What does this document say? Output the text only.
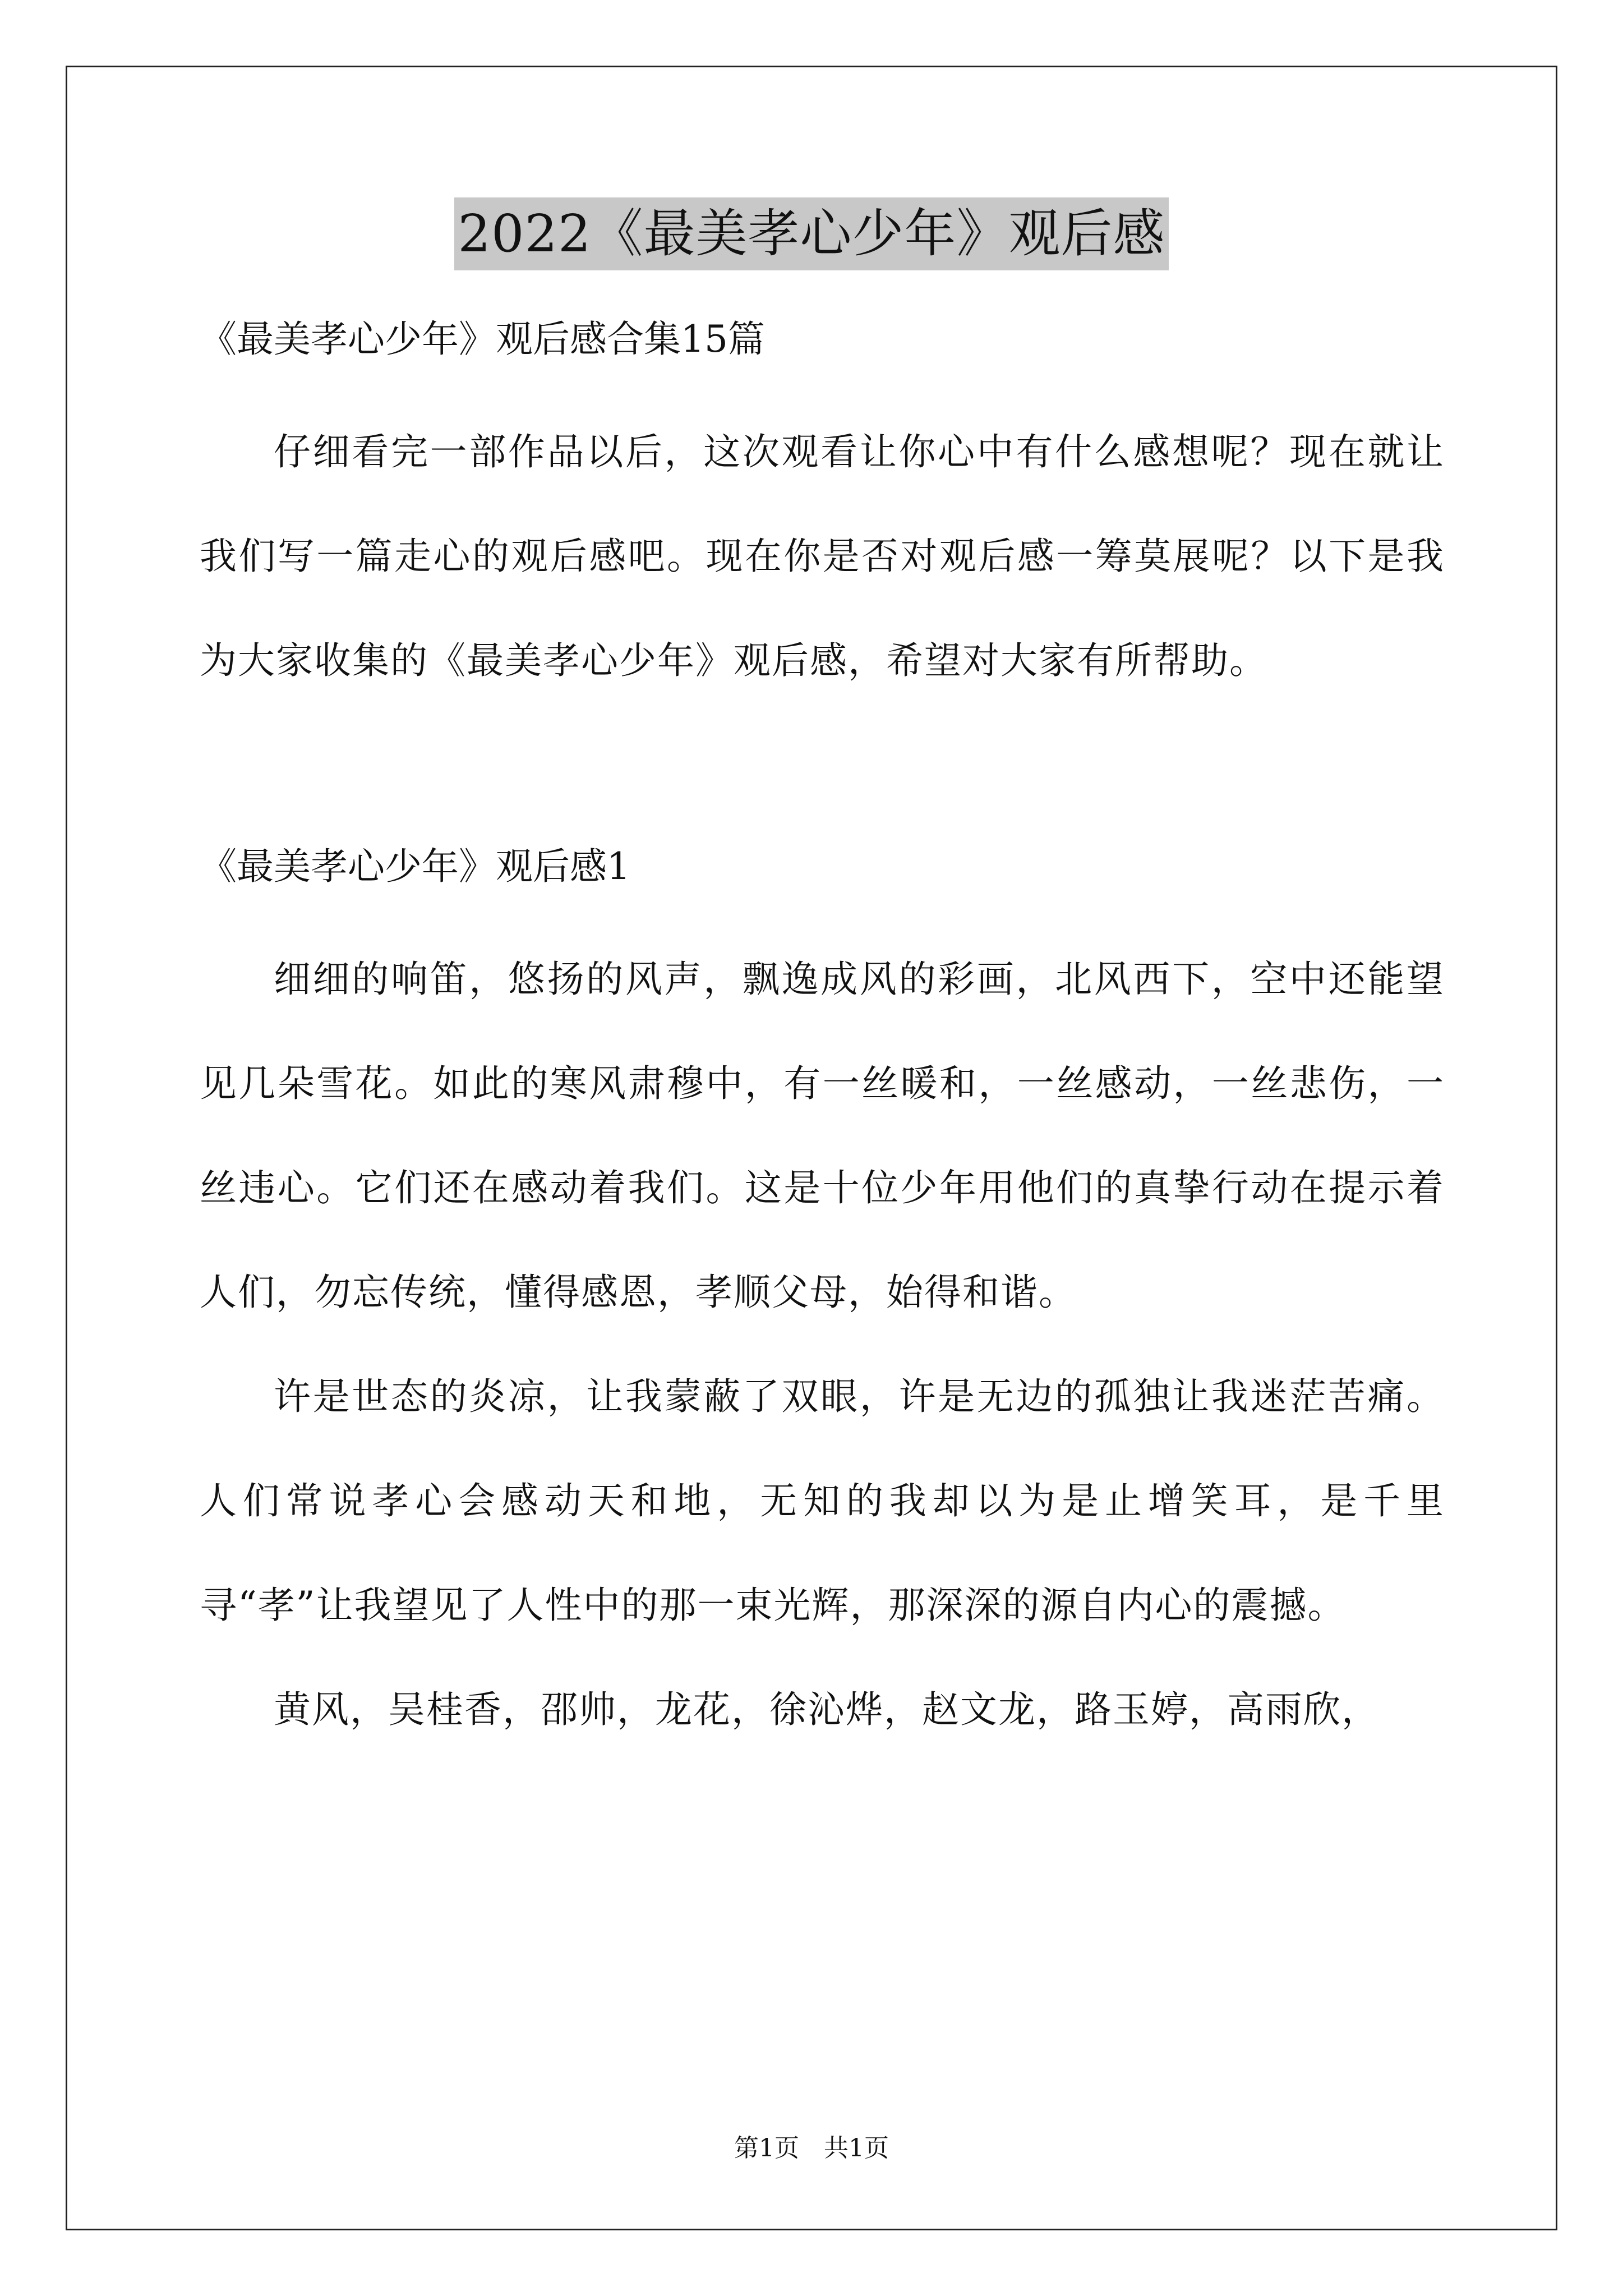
2022《最美孝心少年》观后感

《最美孝心少年》观后感合集15篇

仔细看完一部作品以后，这次观看让你心中有什么感想呢？现在就让我们写一篇走心的观后感吧。现在你是否对观后感一筹莫展呢？以下是我为大家收集的《最美孝心少年》观后感，希望对大家有所帮助。

《最美孝心少年》观后感1

细细的响笛，悠扬的风声，飘逸成风的彩画，北风西下，空中还能望见几朵雪花。如此的寒风肃穆中，有一丝暖和，一丝感动，一丝悲伤，一丝违心。它们还在感动着我们。这是十位少年用他们的真挚行动在提示着人们，勿忘传统，懂得感恩，孝顺父母，始得和谐。

许是世态的炎凉，让我蒙蔽了双眼，许是无边的孤独让我迷茫苦痛。人们常说孝心会感动天和地，无知的我却以为是止增笑耳，是千里寻“孝”让我望见了人性中的那一束光辉，那深深的源自内心的震撼。

黄风，吴桂香，邵帅，龙花，徐沁烨，赵文龙，路玉婷，高雨欣，

第1页　共1页
